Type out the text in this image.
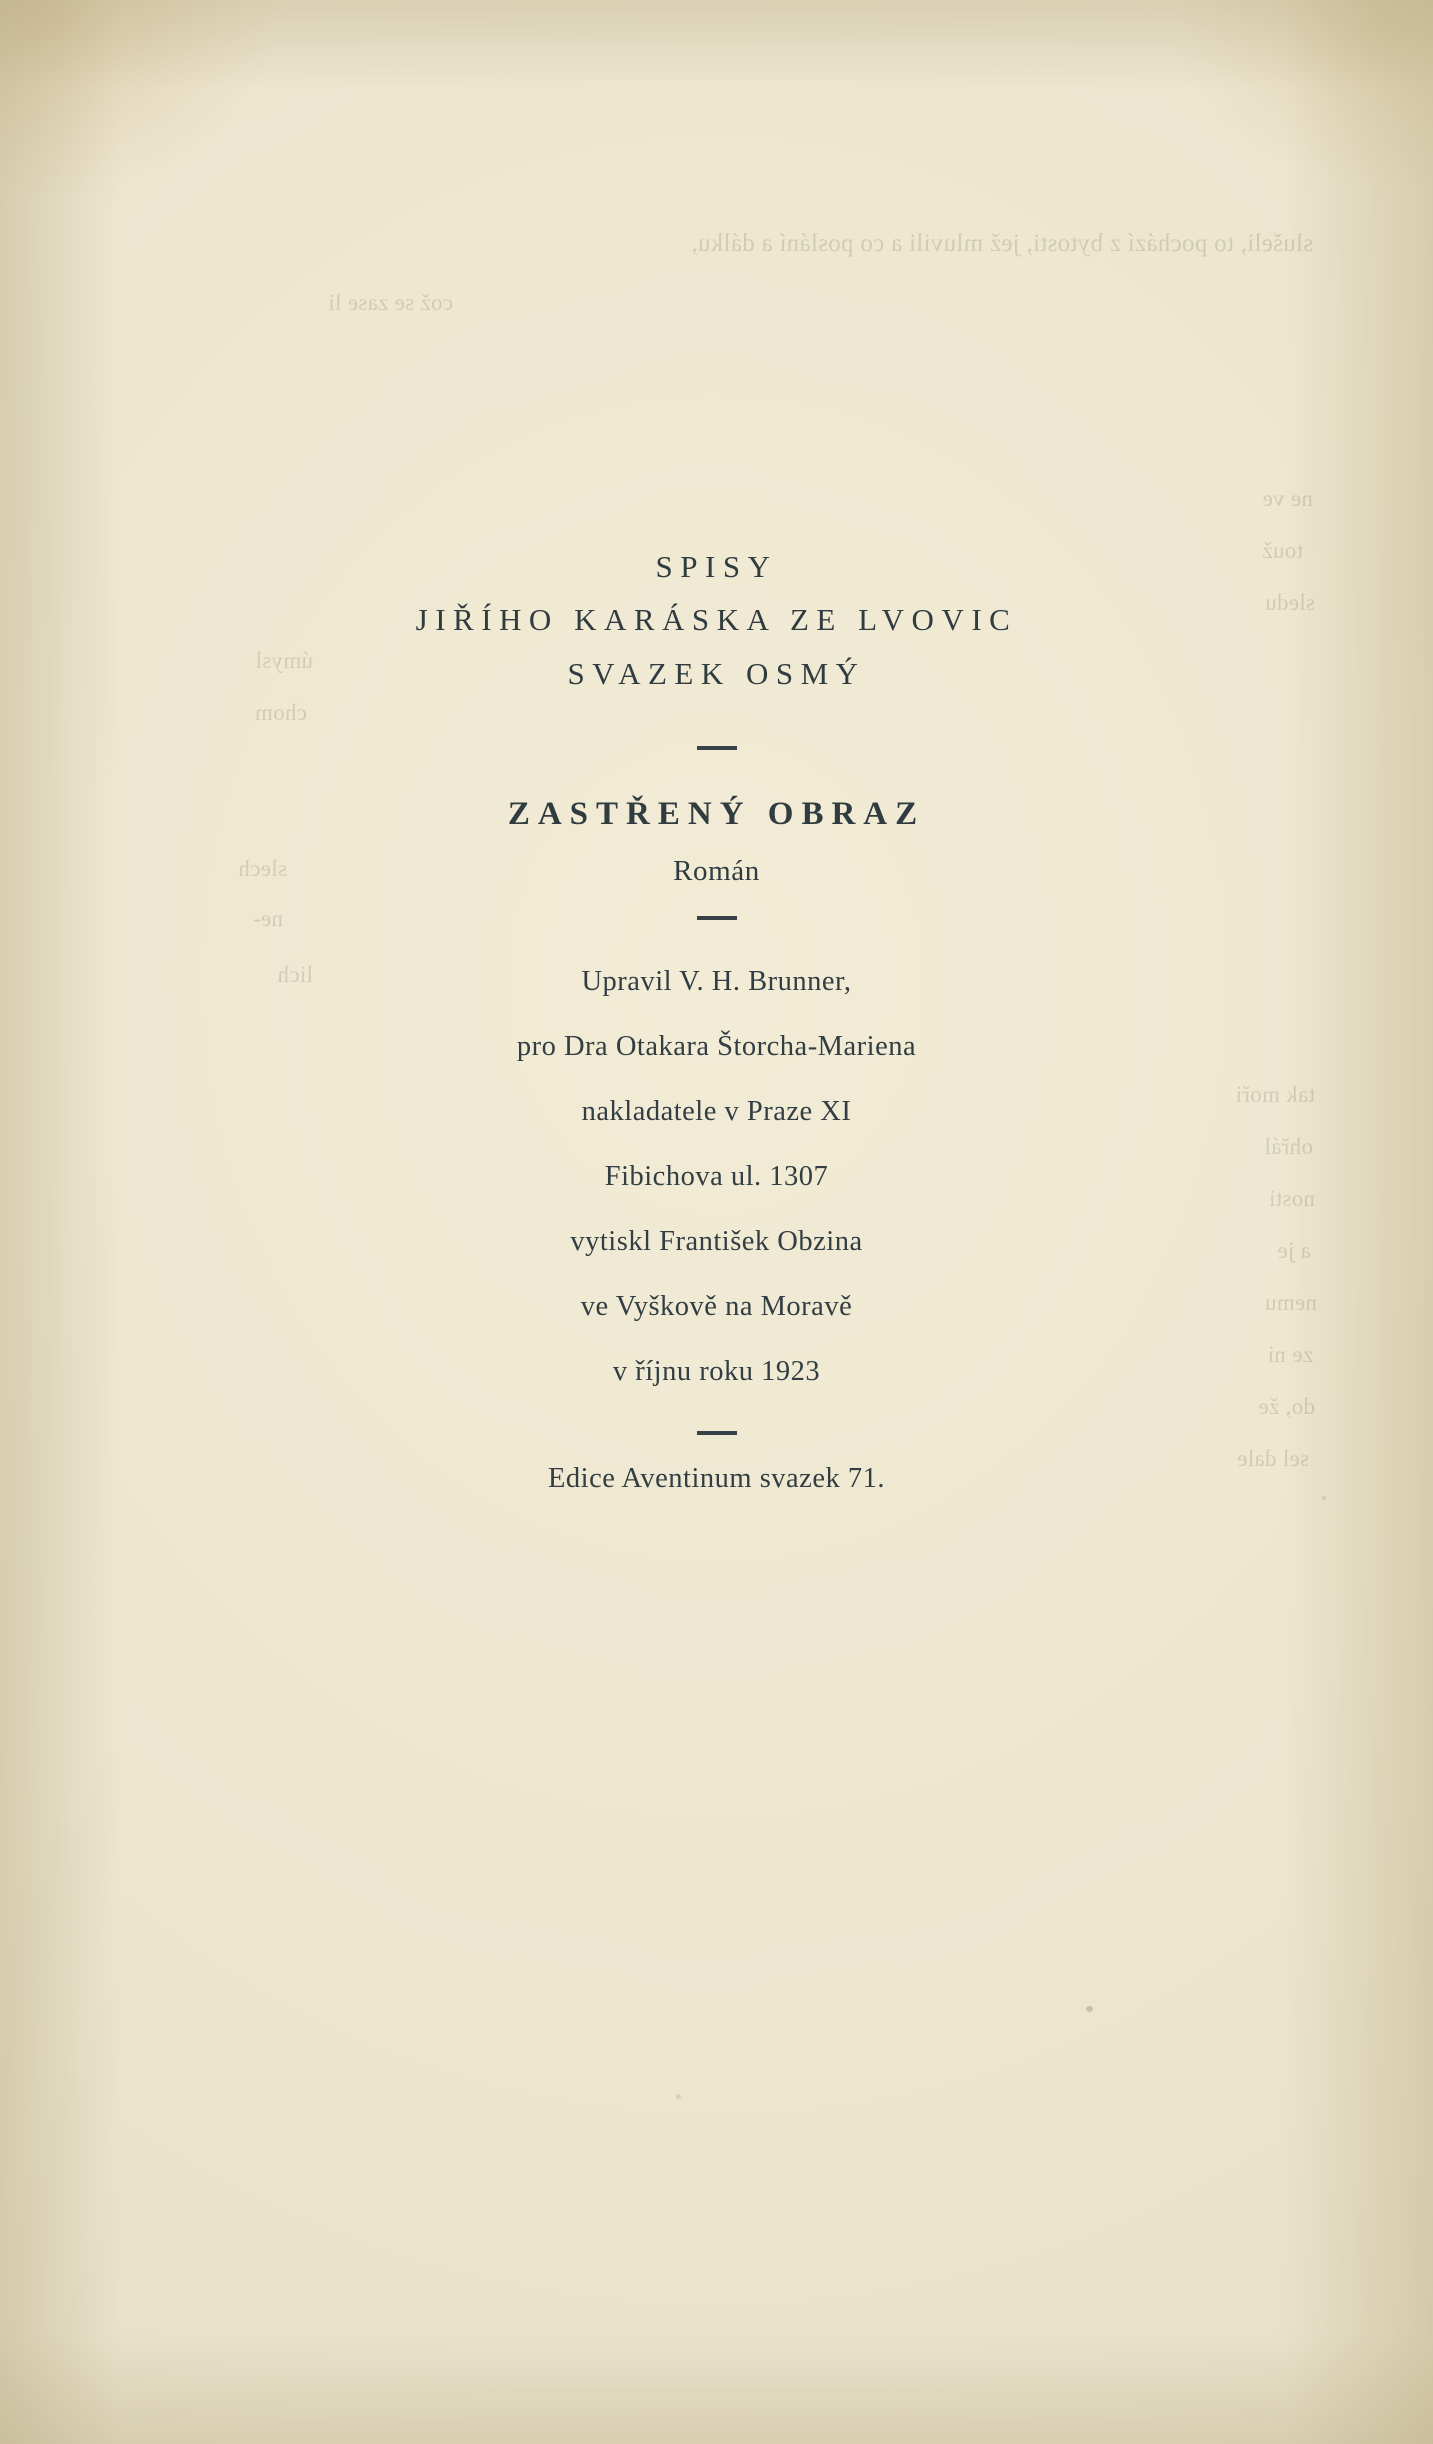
SPISY
JIŘÍHO KARÁSKA ZE LVOVIC
SVAZEK OSMÝ
ZASTŘENÝ OBRAZ
Román
Upravil V. H. Brunner,
pro Dra Otakara Štorcha-Mariena
nakladatele v Praze XI
Fibichova ul. 1307
vytiskl František Obzina
ve Vyškově na Moravě
v říjnu roku 1923
Edice Aventinum svazek 71.
